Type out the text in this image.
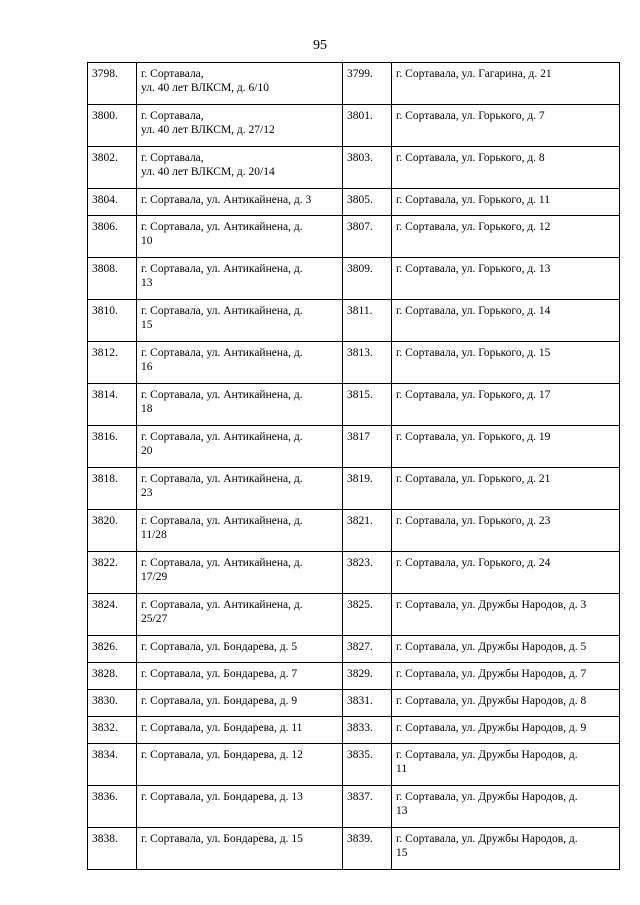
95
3798.	г. Сортавала,
ул. 40 лет ВЛКСМ, д. 6/10	3799.	г. Сортавала, ул. Гагарина, д. 21

3800.	г. Сортавала,
ул. 40 лет ВЛКСМ, д. 27/12	3801.	г. Сортавала, ул. Горького, д. 7

3802.	г. Сортавала,
ул. 40 лет ВЛКСМ, д. 20/14	3803.	г. Сортавала, ул. Горького, д. 8

3804.	г. Сортавала, ул. Антикайнена, д. 3	3805.	г. Сортавала, ул. Горького, д. 11

3806.	г. Сортавала, ул. Антикайнена, д.
10	3807.	г. Сортавала, ул. Горького, д. 12

3808.	г. Сортавала, ул. Антикайнена, д.
13	3809.	г. Сортавала, ул. Горького, д. 13

3810.	г. Сортавала, ул. Антикайнена, д.
15	3811.	г. Сортавала, ул. Горького, д. 14

3812.	г. Сортавала, ул. Антикайнена, д.
16	3813.	г. Сортавала, ул. Горького, д. 15

3814.	г. Сортавала, ул. Антикайнена, д.
18	3815.	г. Сортавала, ул. Горького, д. 17

3816.	г. Сортавала, ул. Антикайнена, д.
20	3817	г. Сортавала, ул. Горького, д. 19

3818.	г. Сортавала, ул. Антикайнена, д.
23	3819.	г. Сортавала, ул. Горького, д. 21

3820.	г. Сортавала, ул. Антикайнена, д.
11/28	3821.	г. Сортавала, ул. Горького, д. 23

3822.	г. Сортавала, ул. Антикайнена, д.
17/29	3823.	г. Сортавала, ул. Горького, д. 24

3824.	г. Сортавала, ул. Антикайнена, д.
25/27	3825.	г. Сортавала, ул. Дружбы Народов, д. 3

3826.	г. Сортавала, ул. Бондарева, д. 5	3827.	г. Сортавала, ул. Дружбы Народов, д. 5

3828.	г. Сортавала, ул. Бондарева, д. 7	3829.	г. Сортавала, ул. Дружбы Народов, д. 7

3830.	г. Сортавала, ул. Бондарева, д. 9	3831.	г. Сортавала, ул. Дружбы Народов, д. 8

3832.	г. Сортавала, ул. Бондарева, д. 11	3833.	г. Сортавала, ул. Дружбы Народов, д. 9

3834.	г. Сортавала, ул. Бондарева, д. 12	3835.	г. Сортавала, ул. Дружбы Народов, д.
11

3836.	г. Сортавала, ул. Бондарева, д. 13	3837.	г. Сортавала, ул. Дружбы Народов, д.
13

3838.	г. Сортавала, ул. Бондарева, д. 15	3839.	г. Сортавала, ул. Дружбы Народов, д.
15
